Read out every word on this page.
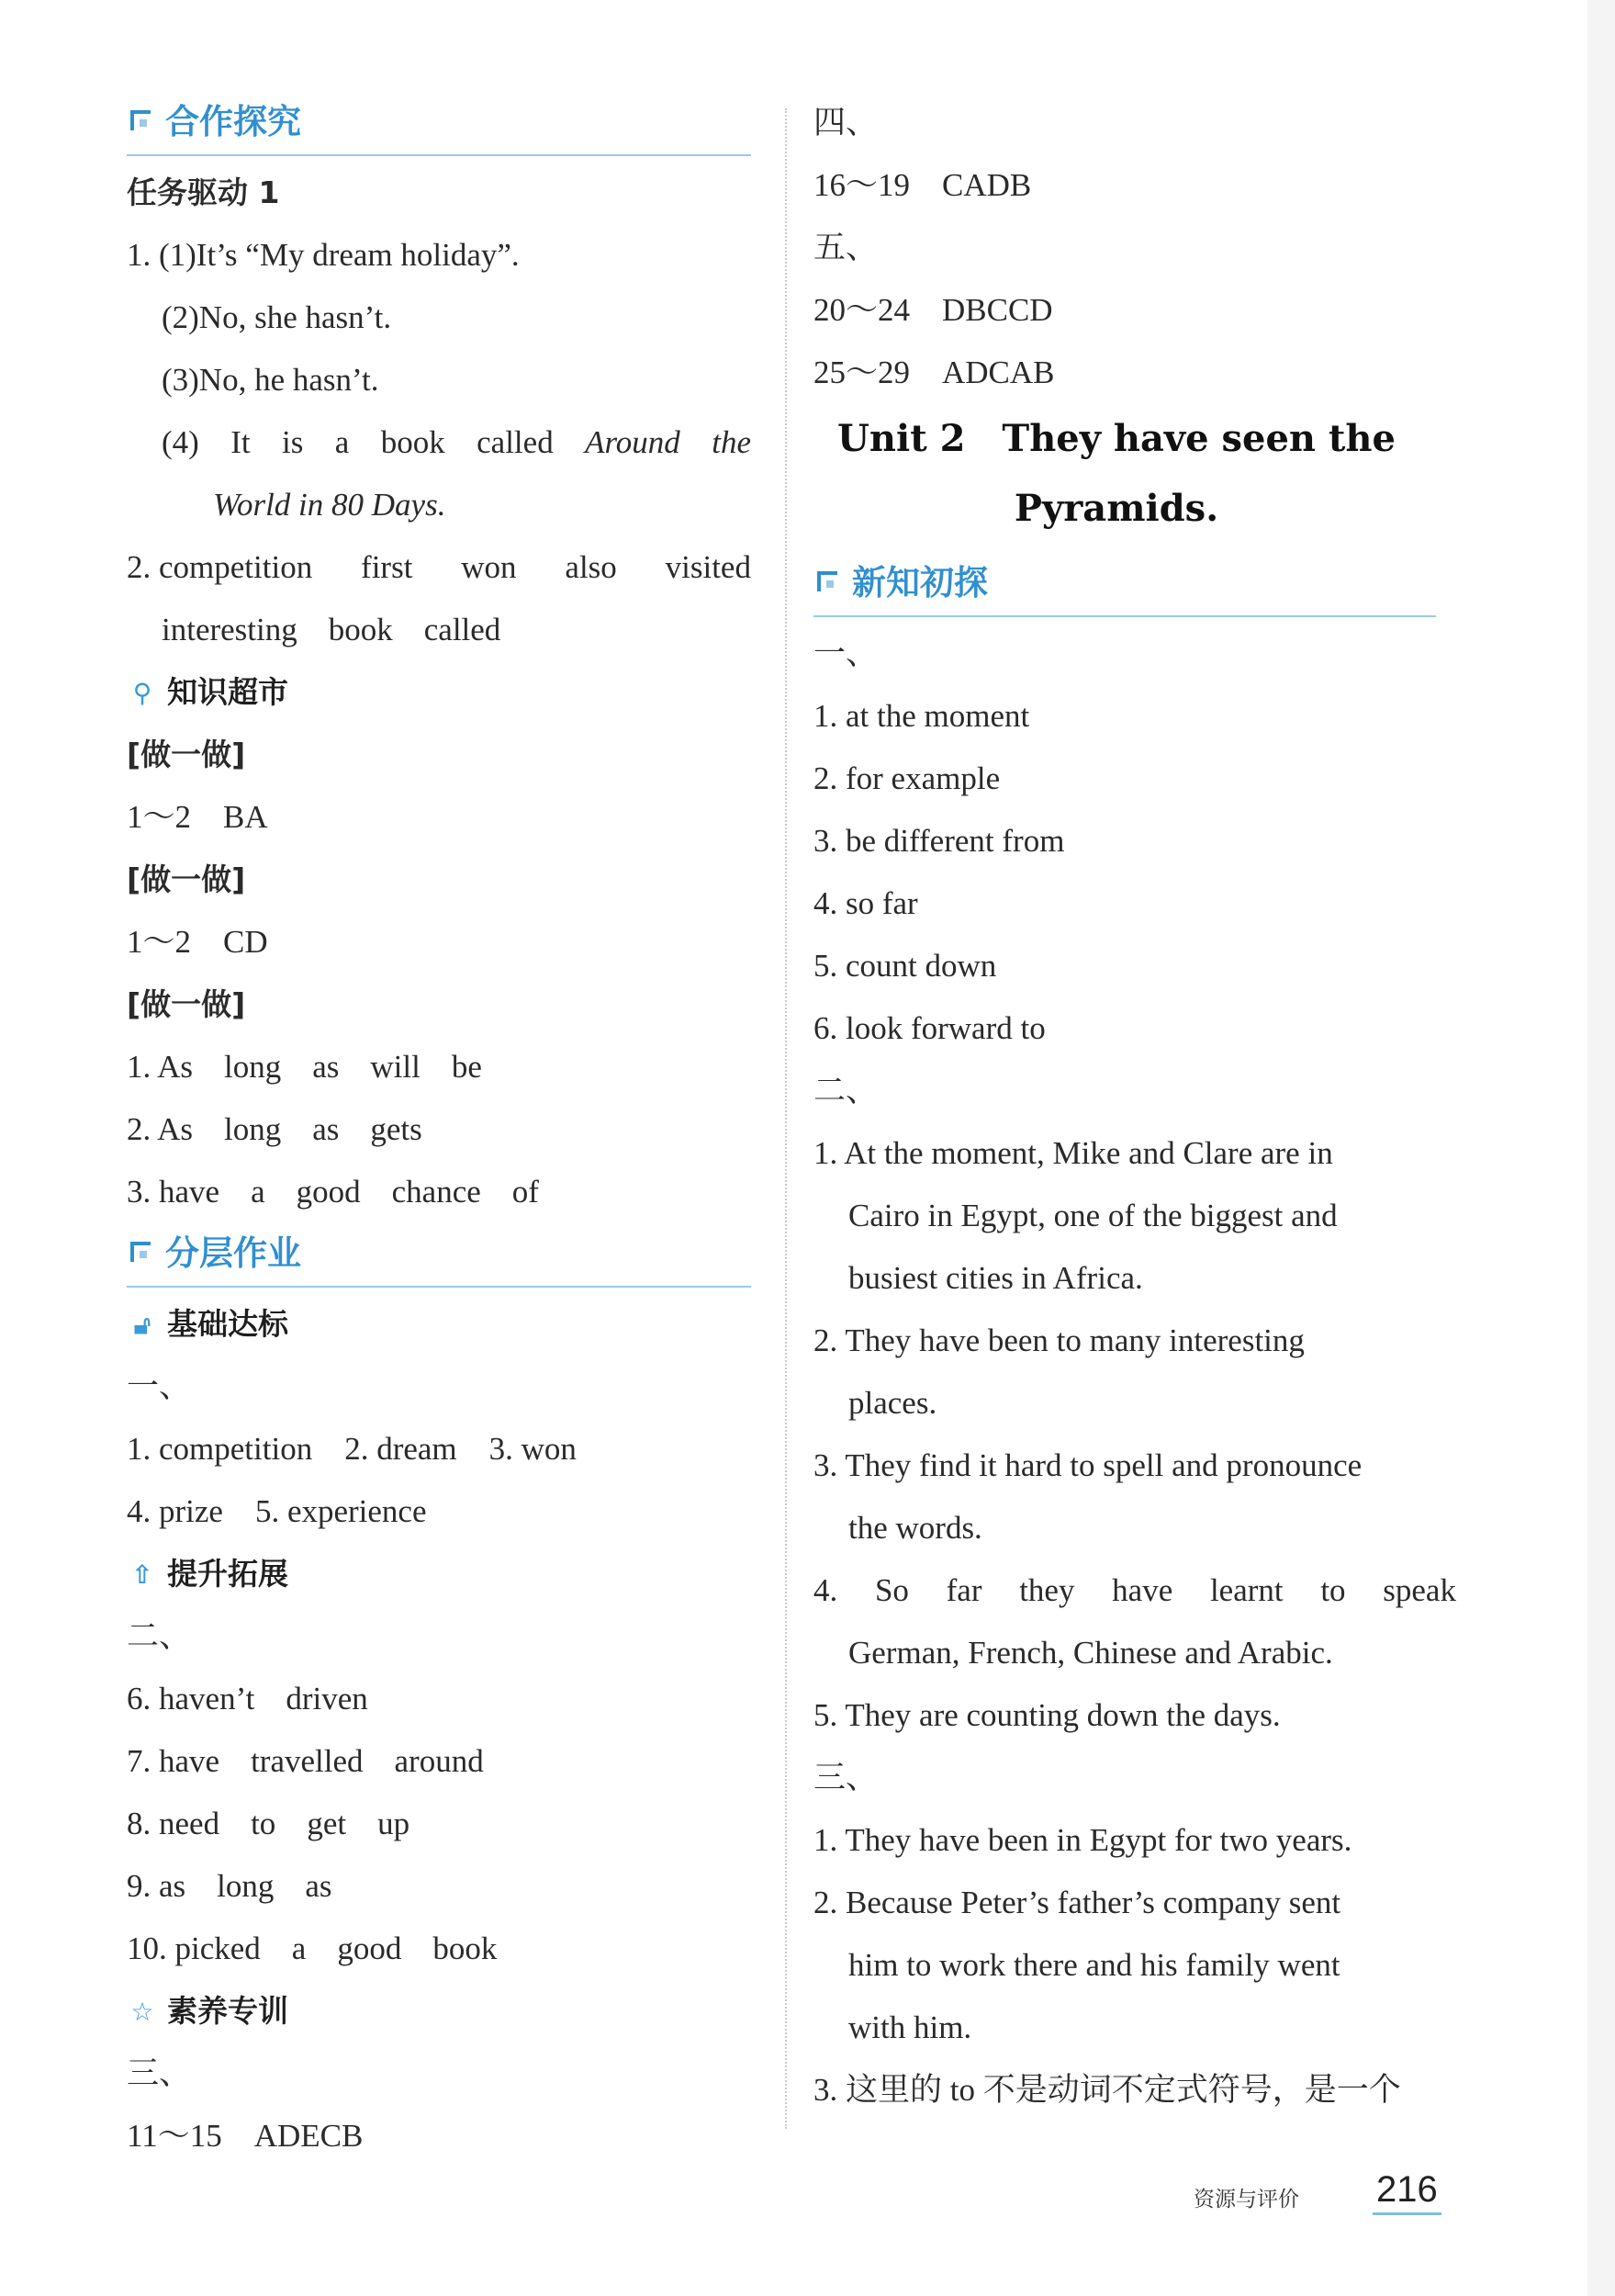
合作探究
任务驱动 1
1. (1)It’s “My dream holiday”.
(2)No, she hasn’t.
(3)No, he hasn’t.
(4) It is a book called Around the
World in 80 Days.
2. competition first won also visited
interesting book called
⚲ 知识超市
[做一做]
1～2　BA
[做一做]
1～2　CD
[做一做]
1. As long as will be
2. As long as gets
3. have a good chance of
分层作业
🔓︎ 基础达标
一、
1. competition　2. dream　3. won
4. prize　5. experience
⇧ 提升拓展
二、
6. haven’t driven
7. have travelled around
8. need to get up
9. as long as
10. picked a good book
☆ 素养专训
三、
11～15　ADECB
四、
16～19　CADB
五、
20～24　DBCCD
25～29　ADCAB
Unit 2　They have seen the
Pyramids.
新知初探
一、
1. at the moment
2. for example
3. be different from
4. so far
5. count down
6. look forward to
二、
1. At the moment, Mike and Clare are in
Cairo in Egypt, one of the biggest and
busiest cities in Africa.
2. They have been to many interesting
places.
3. They find it hard to spell and pronounce
the words.
4. So far they have learnt to speak
German, French, Chinese and Arabic.
5. They are counting down the days.
三、
1. They have been in Egypt for two years.
2. Because Peter’s father’s company sent
him to work there and his family went
with him.
3. 这里的 to 不是动词不定式符号，是一个
资源与评价 216
